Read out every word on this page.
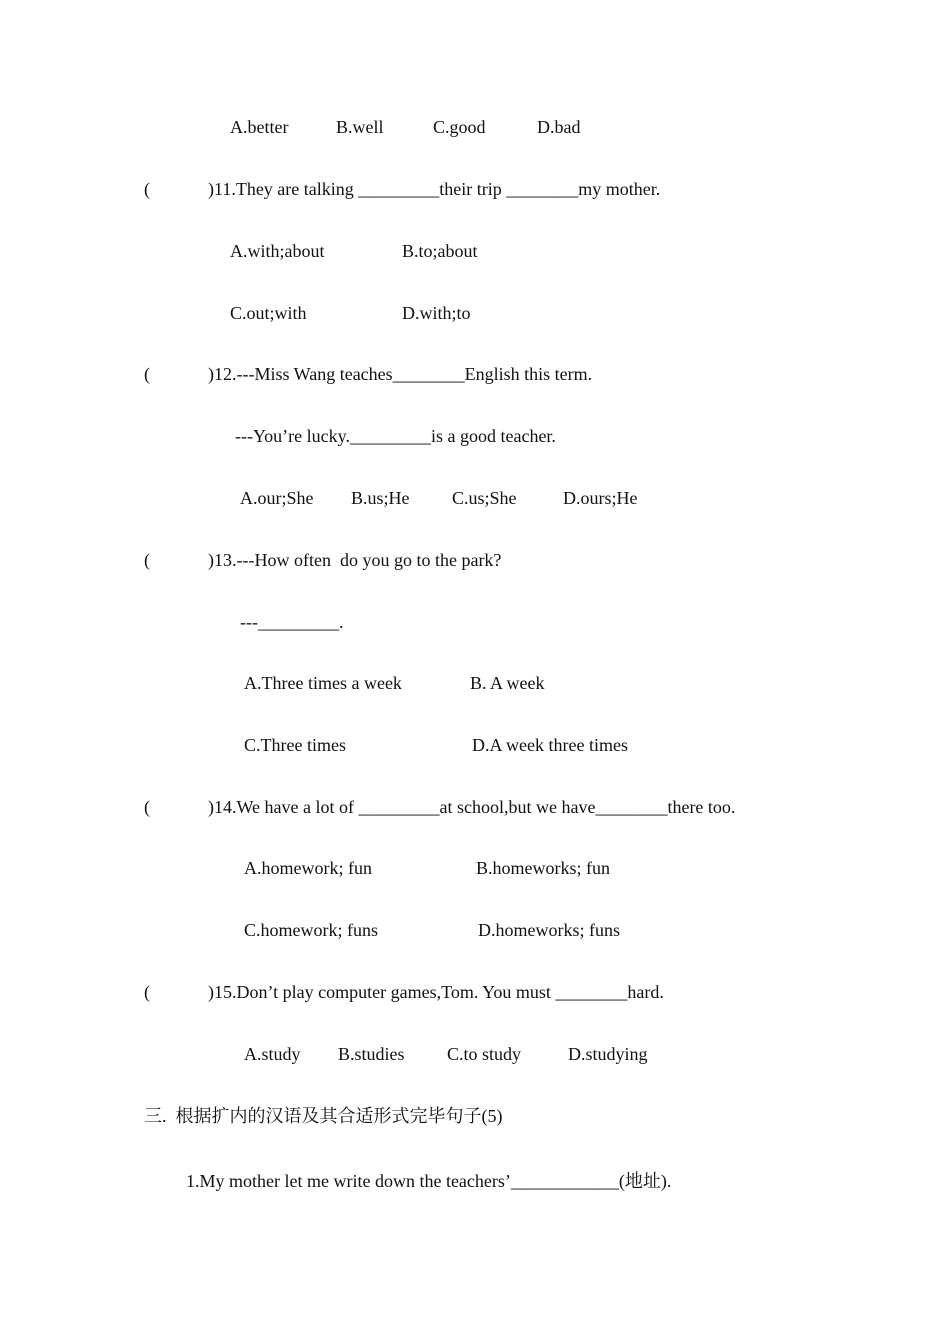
A.better	B.well	C.good	D.bad
(	)11.They are talking _________their trip ________my mother.
A.with;about	B.to;about
C.out;with	D.with;to
(	)12.---Miss Wang teaches________English this term.
---You’re lucky._________is a good teacher.
A.our;She B.us;He C.us;She	D.ours;He
(	)13.---How often  do you go to the park?
---_________.
A.Three times a week	B. A week
C.Three times	D.A week three times
(	)14.We have a lot of _________at school,but we have________there too.
A.homework; fun	B.homeworks; fun
C.homework; funs	D.homeworks; funs
(	)15.Don’t play computer games,Tom. You must ________hard.
A.study B.studies C.to study	D.studying
三.  根据扩内的汉语及其合适形式完毕句子(5)
1.My mother let me write down the teachers’____________(地址).
